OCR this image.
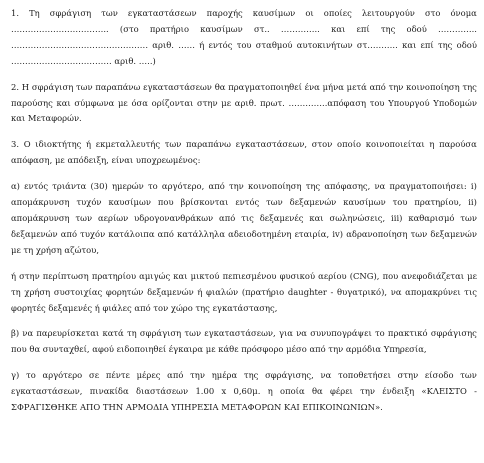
1. Τη σφράγιση των εγκαταστάσεων παροχής καυσίμων οι οποίες λειτουργούν στο όνομα
…………………………….. (στο πρατήριο καυσίμων στ.. ………….. και επί της οδού …………..
…………………………………………. αριθ. …… ή εντός του σταθμού αυτοκινήτων στ……….. και επί της οδού
……………………………… αριθ. …..)
2. Η σφράγιση των παραπάνω εγκαταστάσεων θα πραγματοποιηθεί ένα μήνα μετά από την κοινοποίηση της
παρούσης και σύμφωνα με όσα ορίζονται στην με αριθ. πρωτ. …………..απόφαση του Υπουργού Υποδομών
και Μεταφορών.
3. Ο ιδιοκτήτης ή εκμεταλλευτής των παραπάνω εγκαταστάσεων, στον οποίο κοινοποιείται η παρούσα
απόφαση, με απόδειξη, είναι υποχρεωμένος:
α) εντός τριάντα (30) ημερών το αργότερο, από την κοινοποίηση της απόφασης, να πραγματοποιήσει: i)
απομάκρυνση τυχόν καυσίμων που βρίσκονται εντός των δεξαμενών καυσίμων του πρατηρίου, ii)
απομάκρυνση των αερίων υδρογονανθράκων από τις δεξαμενές και σωληνώσεις, iii) καθαρισμό των
δεξαμενών από τυχόν κατάλοιπα από κατάλληλα αδειοδοτημένη εταιρία, iv) αδρανοποίηση των δεξαμενών
με τη χρήση αζώτου,
ή στην περίπτωση πρατηρίου αμιγώς και μικτού πεπιεσμένου φυσικού αερίου (CNG), που ανεφοδιάζεται με
τη χρήση συστοιχίας φορητών δεξαμενών ή φιαλών (πρατήριο daughter - θυγατρικό), να απομακρύνει τις
φορητές δεξαμενές ή φιάλες από τον χώρο της εγκατάστασης,
β) να παρευρίσκεται κατά τη σφράγιση των εγκαταστάσεων, για να συνυπογράψει το πρακτικό σφράγισης
που θα συνταχθεί, αφού ειδοποιηθεί έγκαιρα με κάθε πρόσφορο μέσο από την αρμόδια Υπηρεσία,
γ) το αργότερο σε πέντε μέρες από την ημέρα της σφράγισης, να τοποθετήσει στην είσοδο των
εγκαταστάσεων, πινακίδα διαστάσεων 1.00 x 0,60μ. η οποία θα φέρει την ένδειξη «ΚΛΕΙΣΤΟ -
ΣΦΡΑΓΙΣΘΗΚΕ ΑΠΟ ΤΗΝ ΑΡΜΟΔΙΑ ΥΠΗΡΕΣΙΑ ΜΕΤΑΦΟΡΩΝ ΚΑΙ ΕΠΙΚΟΙΝΩΝΙΩΝ».
